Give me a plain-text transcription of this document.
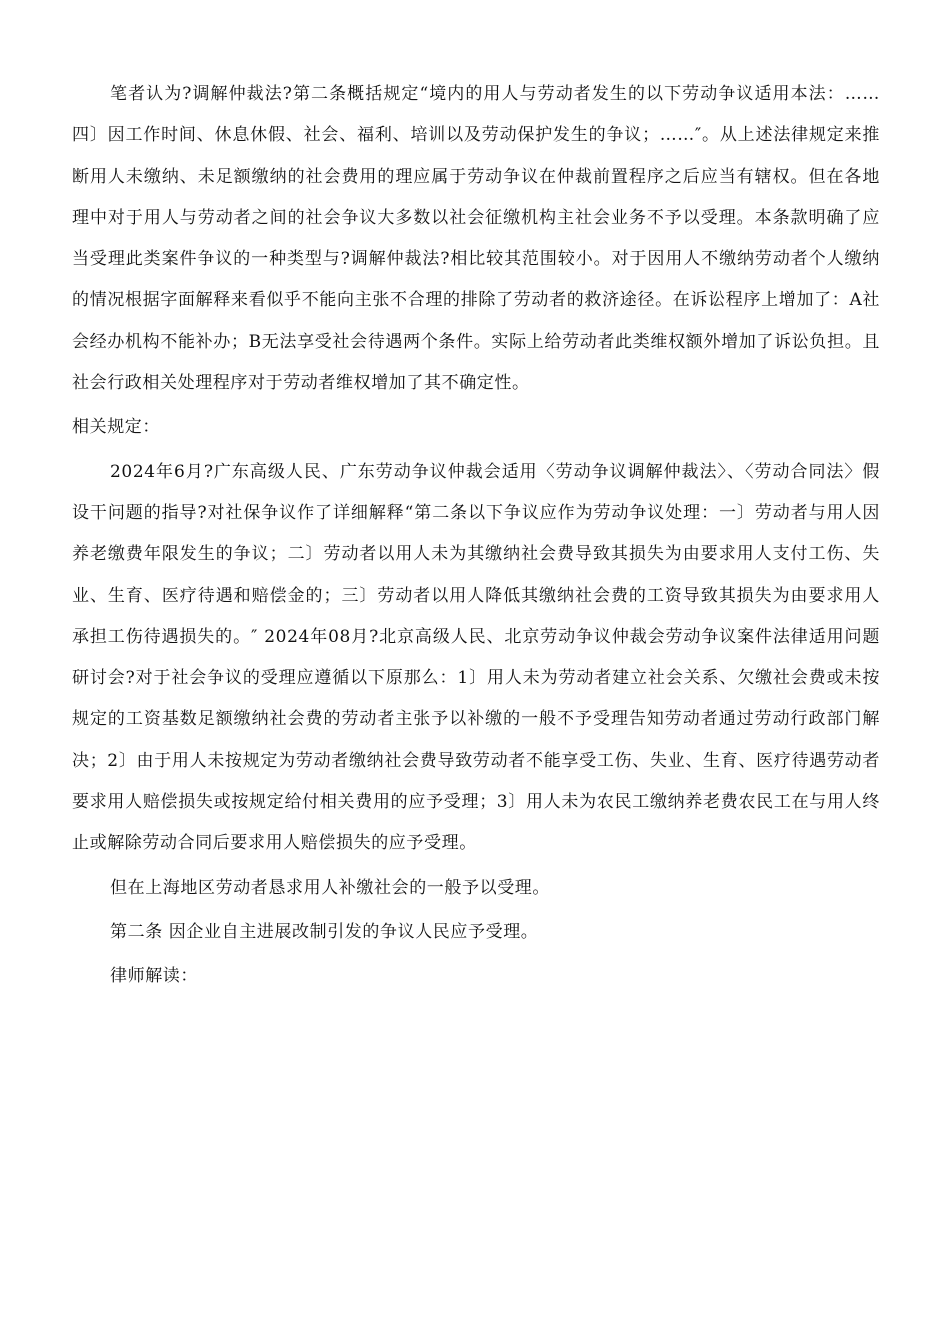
笔者认为?调解仲裁法?第二条概括规定“境内的用人与劳动者发生的以下劳动争议适用本法：……四〕因工作时间、休息休假、社会、福利、培训以及劳动保护发生的争议；……″。从上述法律规定来推断用人未缴纳、未足额缴纳的社会费用的理应属于劳动争议在仲裁前置程序之后应当有辖权。但在各地理中对于用人与劳动者之间的社会争议大多数以社会征缴机构主社会业务不予以受理。本条款明确了应当受理此类案件争议的一种类型与?调解仲裁法?相比较其范围较小。对于因用人不缴纳劳动者个人缴纳的情况根据字面解释来看似乎不能向主张不合理的排除了劳动者的救济途径。在诉讼程序上增加了：A社会经办机构不能补办；B无法享受社会待遇两个条件。实际上给劳动者此类维权额外增加了诉讼负担。且社会行政相关处理程序对于劳动者维权增加了其不确定性。

相关规定：

2024年6月?广东高级人民、广东劳动争议仲裁会适用〈劳动争议调解仲裁法〉、〈劳动合同法〉假设干问题的指导?对社保争议作了详细解释“第二条以下争议应作为劳动争议处理：一〕劳动者与用人因养老缴费年限发生的争议；二〕劳动者以用人未为其缴纳社会费导致其损失为由要求用人支付工伤、失业、生育、医疗待遇和赔偿金的；三〕劳动者以用人降低其缴纳社会费的工资导致其损失为由要求用人承担工伤待遇损失的。″ 2024年08月?北京高级人民、北京劳动争议仲裁会劳动争议案件法律适用问题研讨会?对于社会争议的受理应遵循以下原那么：1〕用人未为劳动者建立社会关系、欠缴社会费或未按规定的工资基数足额缴纳社会费的劳动者主张予以补缴的一般不予受理告知劳动者通过劳动行政部门解决；2〕由于用人未按规定为劳动者缴纳社会费导致劳动者不能享受工伤、失业、生育、医疗待遇劳动者要求用人赔偿损失或按规定给付相关费用的应予受理；3〕用人未为农民工缴纳养老费农民工在与用人终止或解除劳动合同后要求用人赔偿损失的应予受理。

但在上海地区劳动者恳求用人补缴社会的一般予以受理。

第二条 因企业自主进展改制引发的争议人民应予受理。

律师解读：
